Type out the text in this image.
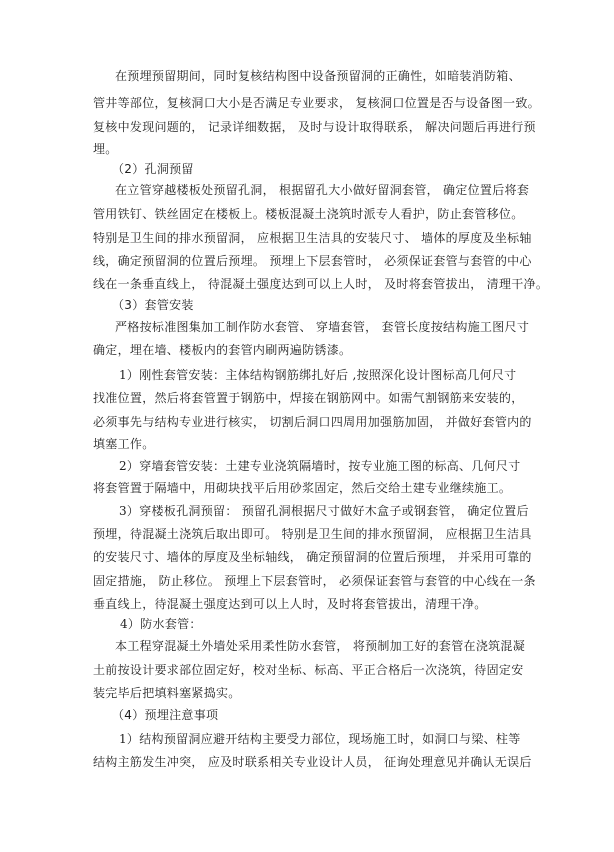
在预埋预留期间，同时复核结构图中设备预留洞的正确性，如暗装消防箱、
管井等部位，复核洞口大小是否满足专业要求， 复核洞口位置是否与设备图一致。
复核中发现问题的， 记录详细数据， 及时与设计取得联系， 解决问题后再进行预
埋。
（2）孔洞预留
在立管穿越楼板处预留孔洞， 根据留孔大小做好留洞套管， 确定位置后将套
管用铁钉、铁丝固定在楼板上。楼板混凝土浇筑时派专人看护，防止套管移位。
特别是卫生间的排水预留洞， 应根据卫生洁具的安装尺寸、 墙体的厚度及坐标轴
线，确定预留洞的位置后预埋。 预埋上下层套管时， 必须保证套管与套管的中心
线在一条垂直线上， 待混凝土强度达到可以上人时， 及时将套管拔出， 清理干净。
（3）套管安装
严格按标准图集加工制作防水套管、 穿墙套管， 套管长度按结构施工图尺寸
确定，埋在墙、楼板内的套管内刷两遍防锈漆。
1）刚性套管安装：主体结构钢筋绑扎好后 ,按照深化设计图标高几何尺寸
找准位置，然后将套管置于钢筋中，焊接在钢筋网中。如需气割钢筋来安装的，
必须事先与结构专业进行核实， 切割后洞口四周用加强筋加固， 并做好套管内的
填塞工作。
2）穿墙套管安装：土建专业浇筑隔墙时，按专业施工图的标高、几何尺寸
将套管置于隔墙中，用砌块找平后用砂浆固定，然后交给土建专业继续施工。
3）穿楼板孔洞预留： 预留孔洞根据尺寸做好木盒子或钢套管， 确定位置后
预埋，待混凝土浇筑后取出即可。 特别是卫生间的排水预留洞， 应根据卫生洁具
的安装尺寸、墙体的厚度及坐标轴线， 确定预留洞的位置后预埋， 并采用可靠的
固定措施， 防止移位。 预埋上下层套管时， 必须保证套管与套管的中心线在一条
垂直线上，待混凝土强度达到可以上人时，及时将套管拔出，清理干净。
4）防水套管：
本工程穿混凝土外墙处采用柔性防水套管， 将预制加工好的套管在浇筑混凝
土前按设计要求部位固定好，校对坐标、标高、平正合格后一次浇筑，待固定安
装完毕后把填料塞紧捣实。
（4）预埋注意事项
1）结构预留洞应避开结构主要受力部位，现场施工时，如洞口与梁、柱等
结构主筋发生冲突， 应及时联系相关专业设计人员， 征询处理意见并确认无误后
